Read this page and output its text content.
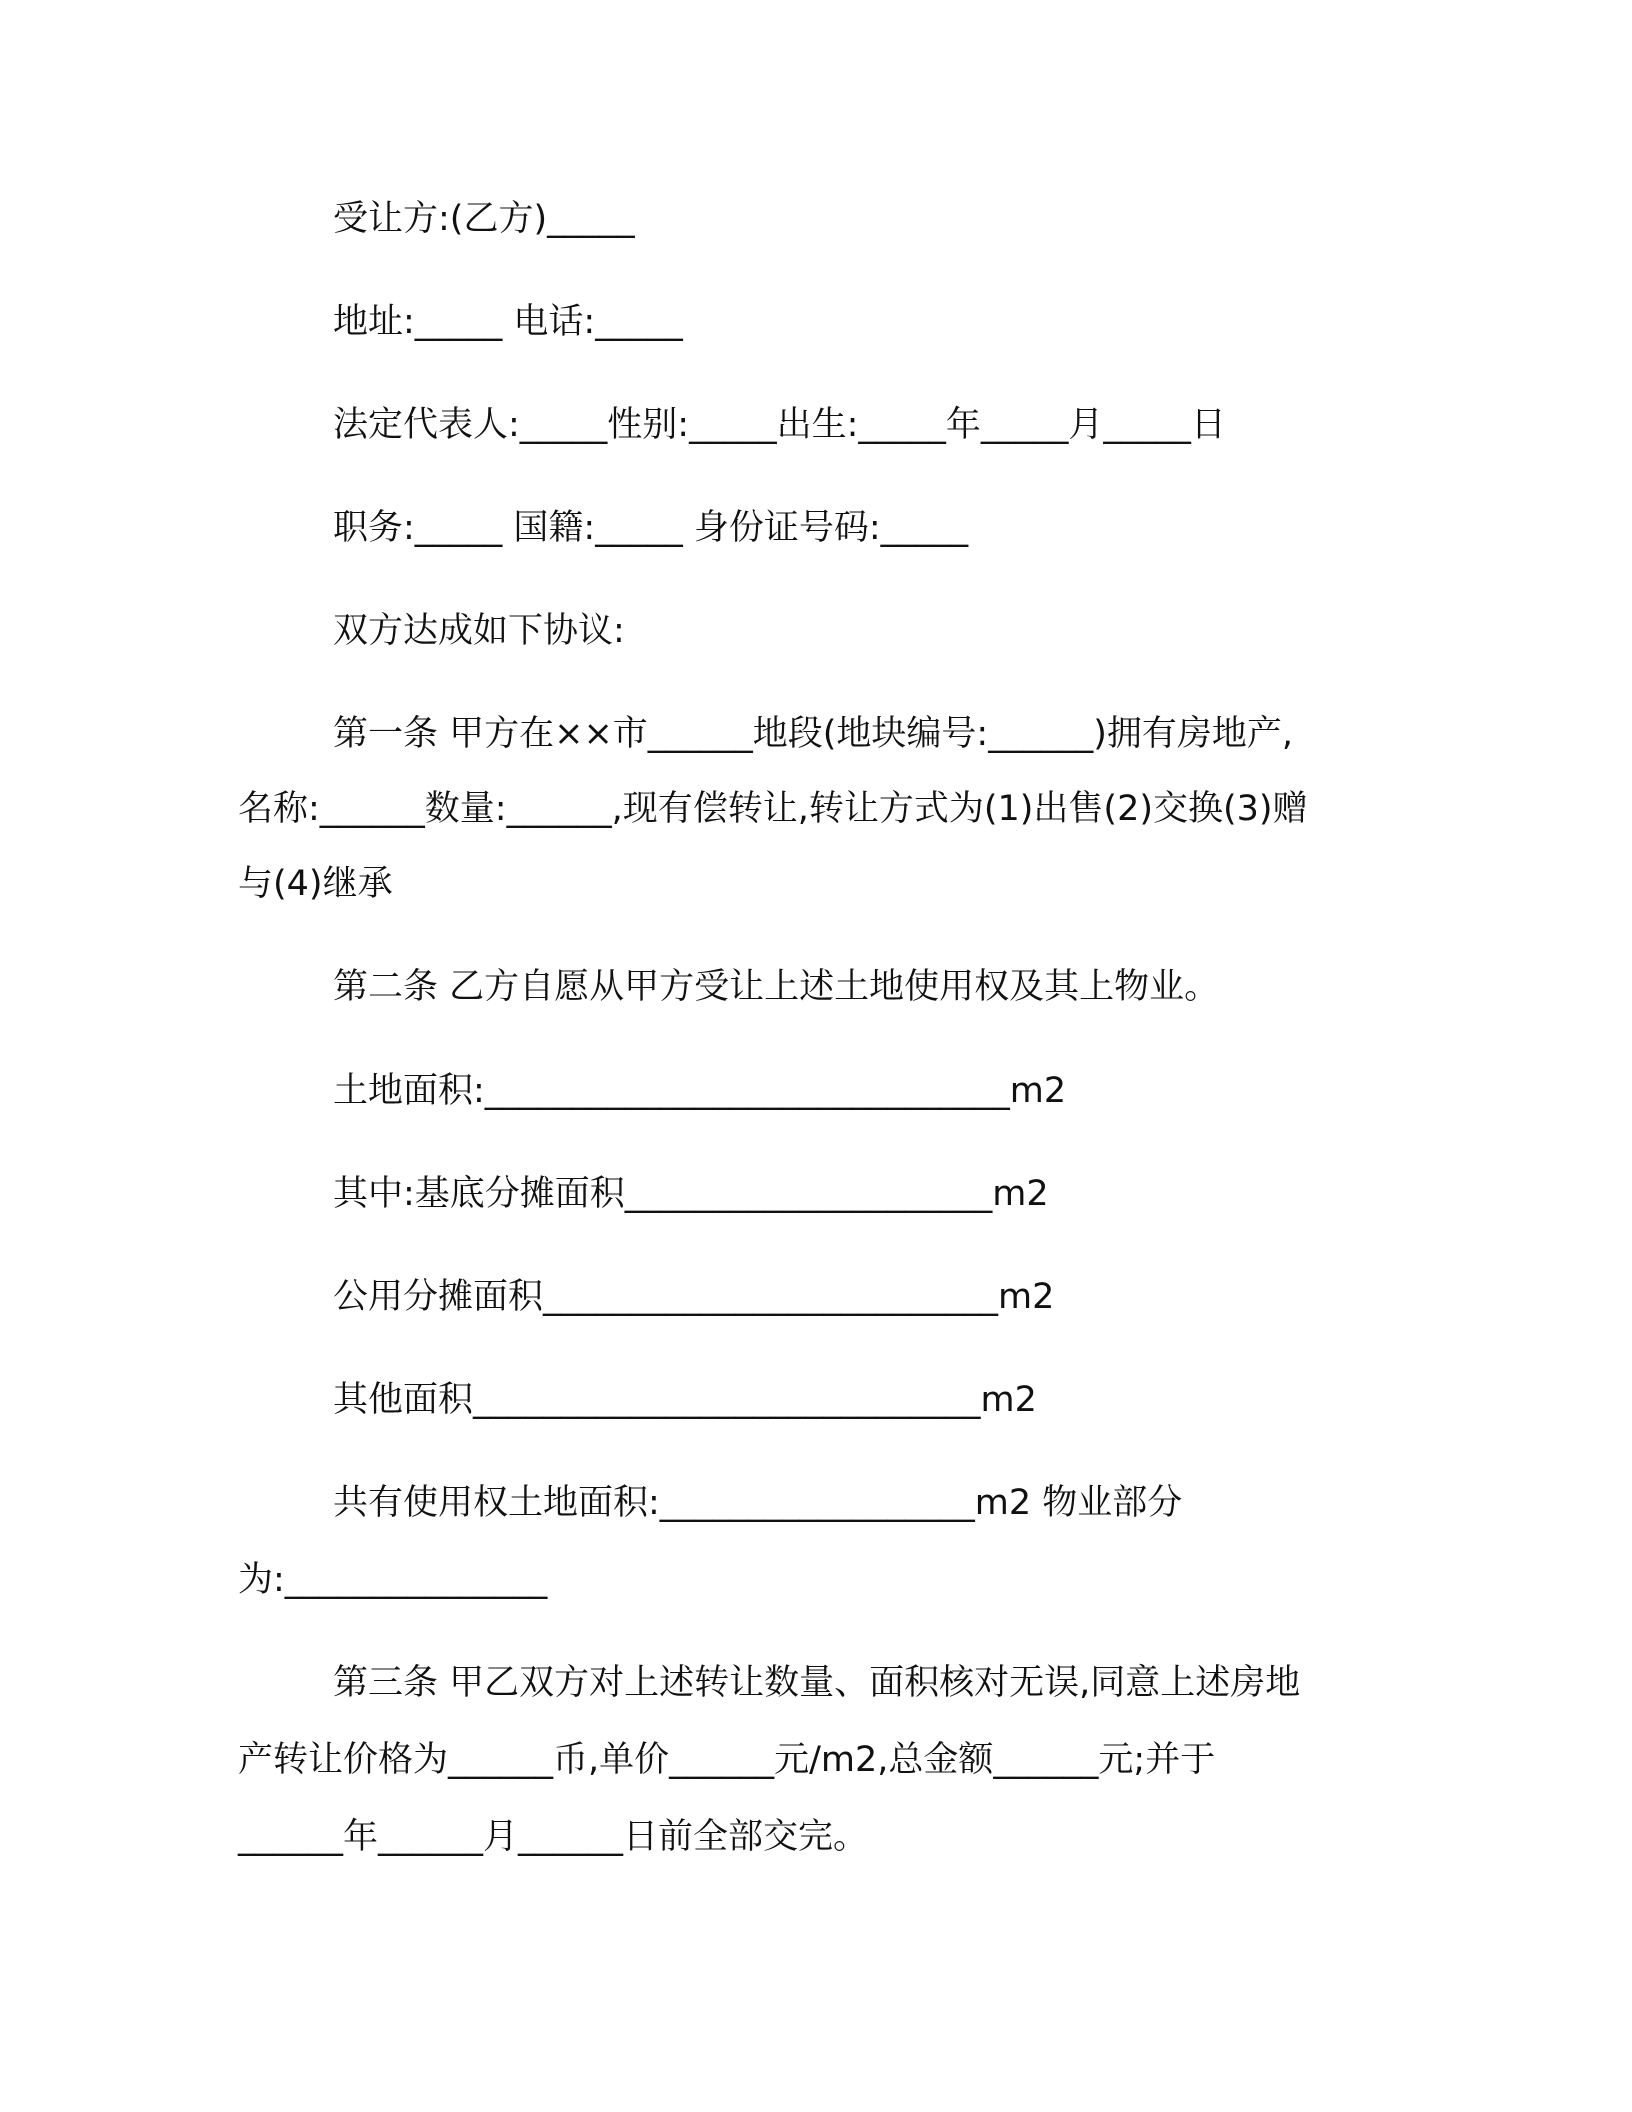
受让方:(乙方)_____
地址:_____ 电话:_____
法定代表人:_____性别:_____出生:_____年_____月_____日
职务:_____ 国籍:_____ 身份证号码:_____
双方达成如下协议:
第一条 甲方在××市______地段(地块编号:______)拥有房地产,
名称:______数量:______,现有偿转让,转让方式为(1)出售(2)交换(3)赠
与(4)继承
第二条 乙方自愿从甲方受让上述土地使用权及其上物业。
土地面积:______________________________m2
其中:基底分摊面积_____________________m2
公用分摊面积__________________________m2
其他面积_____________________________m2
共有使用权土地面积:__________________m2 物业部分
为:_______________
第三条 甲乙双方对上述转让数量、面积核对无误,同意上述房地
产转让价格为______币,单价______元/m2,总金额______元;并于
______年______月______日前全部交完。
